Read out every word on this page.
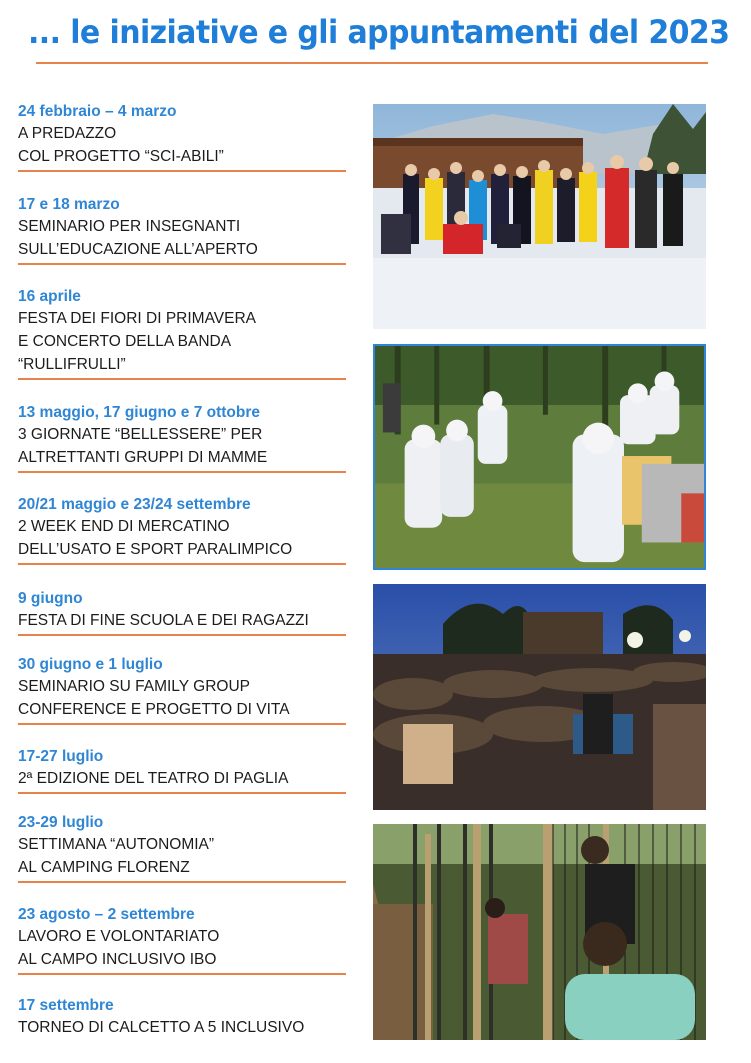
... le iniziative e gli appuntamenti del 2023
24 febbraio – 4 marzo
A PREDAZZO
COL PROGETTO “SCI-ABILI”
17 e 18 marzo
SEMINARIO PER INSEGNANTI
SULL’EDUCAZIONE ALL’APERTO
16 aprile
FESTA DEI FIORI DI PRIMAVERA
E CONCERTO DELLA BANDA
“RULLIFRULLI”
13 maggio, 17 giugno e 7 ottobre
3 GIORNATE “BELLESSERE” PER
ALTRETTANTI GRUPPI DI MAMME
20/21 maggio e 23/24 settembre
2 WEEK END DI MERCATINO
DELL’USATO E SPORT PARALIMPICO
9 giugno
FESTA DI FINE SCUOLA E DEI RAGAZZI
30 giugno e 1 luglio
SEMINARIO SU FAMILY GROUP
CONFERENCE E PROGETTO DI VITA
17-27 luglio
2ª EDIZIONE DEL TEATRO DI PAGLIA
23-29 luglio
SETTIMANA “AUTONOMIA”
AL CAMPING FLORENZ
23 agosto – 2 settembre
LAVORO E VOLONTARIATO
AL CAMPO INCLUSIVO IBO
17 settembre
TORNEO DI CALCETTO A 5 INCLUSIVO
